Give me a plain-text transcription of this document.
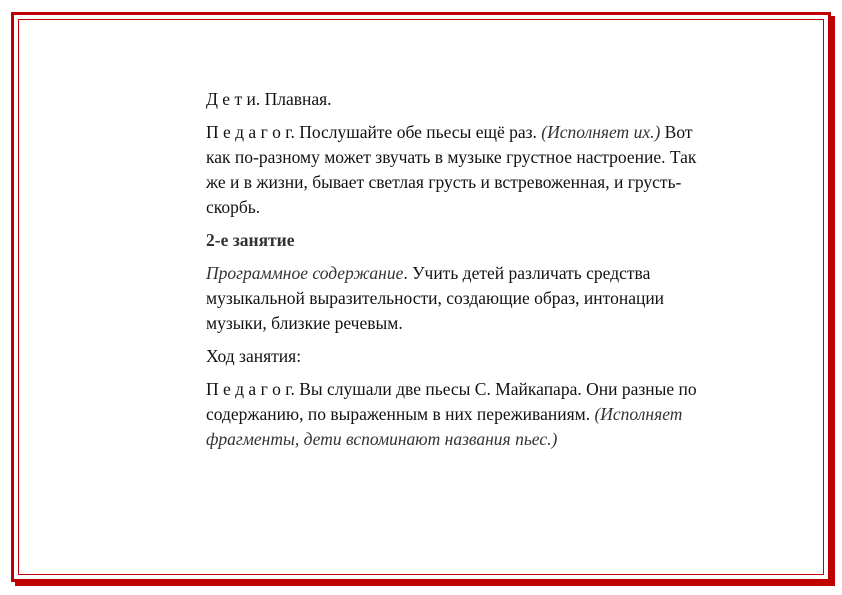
Д е т и. Плавная.

П е д а г о г. Послушайте обе пьесы ещё раз. (Исполняет их.) Вот как по-разному может звучать в музыке грустное настроение. Так же и в жизни, бывает светлая грусть и встревоженная, и грусть-скорбь.

2-е занятие

Программное содержание. Учить детей различать средства музыкальной выразительности, создающие образ, интонации музыки, близкие речевым.

Ход занятия:

П е д а г о г. Вы слушали две пьесы С. Майкапара. Они разные по содержанию, по выраженным в них переживаниям. (Исполняет фрагменты, дети вспоминают названия пьес.)
